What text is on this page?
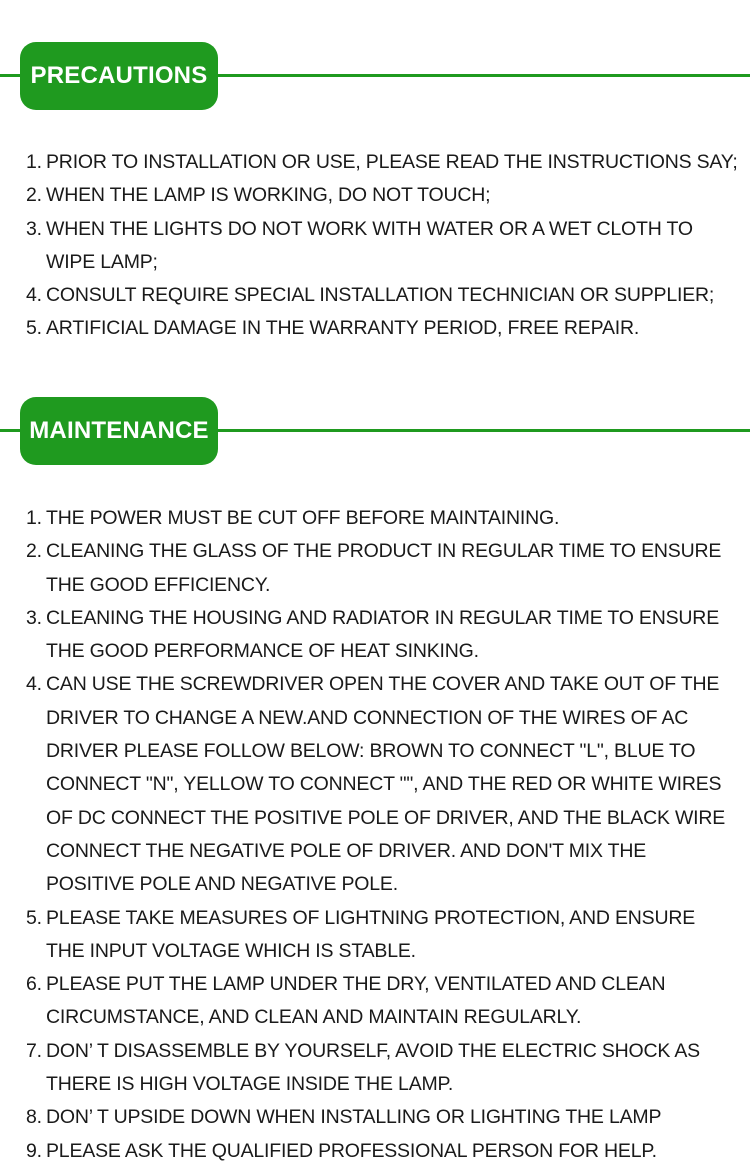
PRECAUTIONS
1. PRIOR TO INSTALLATION OR USE, PLEASE READ THE INSTRUCTIONS SAY;
2. WHEN THE LAMP IS WORKING, DO NOT TOUCH;
3. WHEN THE LIGHTS DO NOT WORK WITH WATER OR A WET CLOTH TO WIPE LAMP;
4. CONSULT REQUIRE SPECIAL INSTALLATION TECHNICIAN OR SUPPLIER;
5. ARTIFICIAL DAMAGE IN THE WARRANTY PERIOD, FREE REPAIR.
MAINTENANCE
1. THE POWER MUST BE CUT OFF BEFORE MAINTAINING.
2. CLEANING THE GLASS OF THE PRODUCT IN REGULAR TIME TO ENSURE THE GOOD EFFICIENCY.
3. CLEANING THE HOUSING AND RADIATOR IN REGULAR TIME TO ENSURE THE GOOD PERFORMANCE OF HEAT SINKING.
4. CAN USE THE SCREWDRIVER OPEN THE COVER AND TAKE OUT OF THE DRIVER TO CHANGE A NEW.AND CONNECTION OF THE WIRES OF AC DRIVER PLEASE FOLLOW BELOW: BROWN TO CONNECT "L", BLUE TO CONNECT "N", YELLOW TO CONNECT "", AND THE RED OR WHITE WIRES OF DC CONNECT THE POSITIVE POLE OF DRIVER, AND THE BLACK WIRE CONNECT THE NEGATIVE POLE OF DRIVER. AND DON'T MIX THE POSITIVE POLE AND NEGATIVE POLE.
5. PLEASE TAKE MEASURES OF LIGHTNING PROTECTION, AND ENSURE THE INPUT VOLTAGE WHICH IS STABLE.
6. PLEASE PUT THE LAMP UNDER THE DRY, VENTILATED AND CLEAN CIRCUMSTANCE, AND CLEAN AND MAINTAIN REGULARLY.
7. DON’ T DISASSEMBLE BY YOURSELF, AVOID THE ELECTRIC SHOCK AS THERE IS HIGH VOLTAGE INSIDE THE LAMP.
8. DON’ T UPSIDE DOWN WHEN INSTALLING OR LIGHTING THE LAMP
9. PLEASE ASK THE QUALIFIED PROFESSIONAL PERSON FOR HELP.
